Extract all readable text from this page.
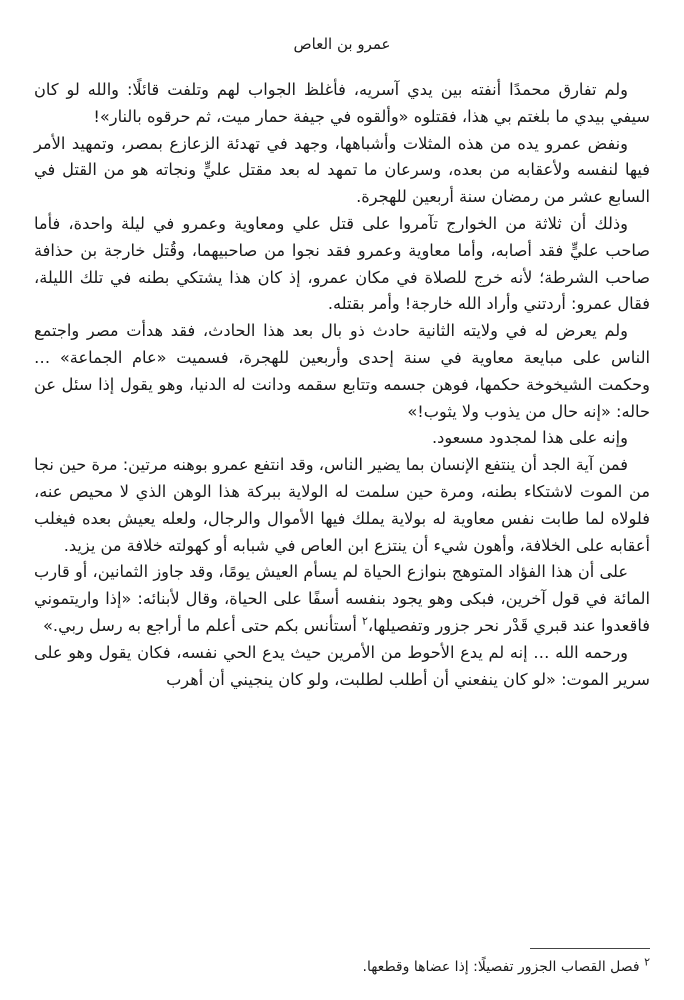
عمرو بن العاص

ولم تفارق محمدًا أنفته بين يدي آسريه، فأغلظ الجواب لهم وتلفت قائلًا: والله لو كان سيفي بيدي ما بلغتم بي هذا، فقتلوه «وألقوه في جيفة حمار ميت، ثم حرقوه بالنار»!

ونفض عمرو يده من هذه المثلات وأشباهها، وجهد في تهدئة الزعازع بمصر، وتمهيد الأمر فيها لنفسه ولأعقابه من بعده، وسرعان ما تمهد له بعد مقتل عليٍّ ونجاته هو من القتل في السابع عشر من رمضان سنة أربعين للهجرة.

وذلك أن ثلاثة من الخوارج تآمروا على قتل علي ومعاوية وعمرو في ليلة واحدة، فأما صاحب عليٍّ فقد أصابه، وأما معاوية وعمرو فقد نجوا من صاحبيهما، وقُتل خارجة بن حذافة صاحب الشرطة؛ لأنه خرج للصلاة في مكان عمرو، إذ كان هذا يشتكي بطنه في تلك الليلة، فقال عمرو: أردتني وأراد الله خارجة! وأمر بقتله.

ولم يعرض له في ولايته الثانية حادث ذو بال بعد هذا الحادث، فقد هدأت مصر واجتمع الناس على مبايعة معاوية في سنة إحدى وأربعين للهجرة، فسميت «عام الجماعة» … وحكمت الشيخوخة حكمها، فوهن جسمه وتتابع سقمه ودانت له الدنيا، وهو يقول إذا سئل عن حاله: «إنه حال من يذوب ولا يثوب!»

وإنه على هذا لمجدود مسعود.

فمن آية الجد أن ينتفع الإنسان بما يضير الناس، وقد انتفع عمرو بوهنه مرتين: مرة حين نجا من الموت لاشتكاء بطنه، ومرة حين سلمت له الولاية ببركة هذا الوهن الذي لا محيص عنه، فلولاه لما طابت نفس معاوية له بولاية يملك فيها الأموال والرجال، ولعله يعيش بعده فيغلب أعقابه على الخلافة، وأهون شيء أن ينتزع ابن العاص في شبابه أو كهولته خلافة من يزيد.

على أن هذا الفؤاد المتوهج بنوازع الحياة لم يسأم العيش يومًا، وقد جاوز الثمانين، أو قارب المائة في قول آخرين، فبكى وهو يجود بنفسه أسفًا على الحياة، وقال لأبنائه: «إذا واريتموني فاقعدوا عند قبري قَدْر نحر جزور وتفصيلها،$^٢$ أستأنس بكم حتى أعلم ما أراجع به رسل ربي.»

ورحمه الله … إنه لم يدع الأحوط من الأمرين حيث يدع الحي نفسه، فكان يقول وهو على سرير الموت: «لو كان ينفعني أن أطلب لطلبت، ولو كان ينجيني أن أهرب

$^٢$ فصل القصاب الجزور تفصيلًا: إذا عضاها وقطعها.
